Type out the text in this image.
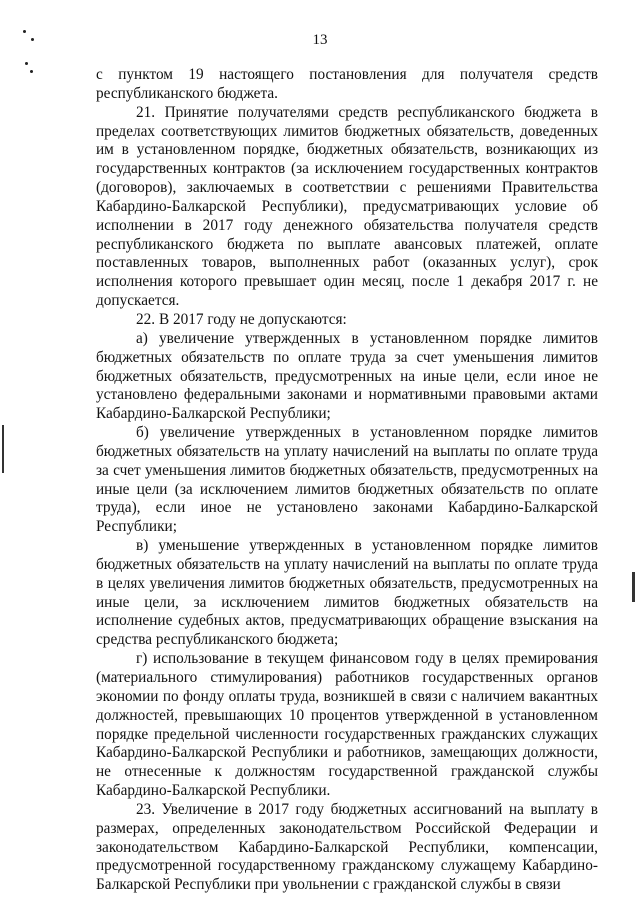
13

с пунктом 19 настоящего постановления для получателя средств республиканского бюджета.

21. Принятие получателями средств республиканского бюджета в пределах соответствующих лимитов бюджетных обязательств, доведенных им в установленном порядке, бюджетных обязательств, возникающих из государственных контрактов (за исключением государственных контрактов (договоров), заключаемых в соответствии с решениями Правительства Кабардино-Балкарской Республики), предусматривающих условие об исполнении в 2017 году денежного обязательства получателя средств республиканского бюджета по выплате авансовых платежей, оплате поставленных товаров, выполненных работ (оказанных услуг), срок исполнения которого превышает один месяц, после 1 декабря 2017 г. не допускается.

22. В 2017 году не допускаются:

а) увеличение утвержденных в установленном порядке лимитов бюджетных обязательств по оплате труда за счет уменьшения лимитов бюджетных обязательств, предусмотренных на иные цели, если иное не установлено федеральными законами и нормативными правовыми актами Кабардино-Балкарской Республики;

б) увеличение утвержденных в установленном порядке лимитов бюджетных обязательств на уплату начислений на выплаты по оплате труда за счет уменьшения лимитов бюджетных обязательств, предусмотренных на иные цели (за исключением лимитов бюджетных обязательств по оплате труда), если иное не установлено законами Кабардино-Балкарской Республики;

в) уменьшение утвержденных в установленном порядке лимитов бюджетных обязательств на уплату начислений на выплаты по оплате труда в целях увеличения лимитов бюджетных обязательств, предусмотренных на иные цели, за исключением лимитов бюджетных обязательств на исполнение судебных актов, предусматривающих обращение взыскания на средства республиканского бюджета;

г) использование в текущем финансовом году в целях премирования (материального стимулирования) работников государственных органов экономии по фонду оплаты труда, возникшей в связи с наличием вакантных должностей, превышающих 10 процентов утвержденной в установленном порядке предельной численности государственных гражданских служащих Кабардино-Балкарской Республики и работников, замещающих должности, не отнесенные к должностям государственной гражданской службы Кабардино-Балкарской Республики.

23. Увеличение в 2017 году бюджетных ассигнований на выплату в размерах, определенных законодательством Российской Федерации и законодательством Кабардино-Балкарской Республики, компенсации, предусмотренной государственному гражданскому служащему Кабардино-Балкарской Республики при увольнении с гражданской службы в связи
